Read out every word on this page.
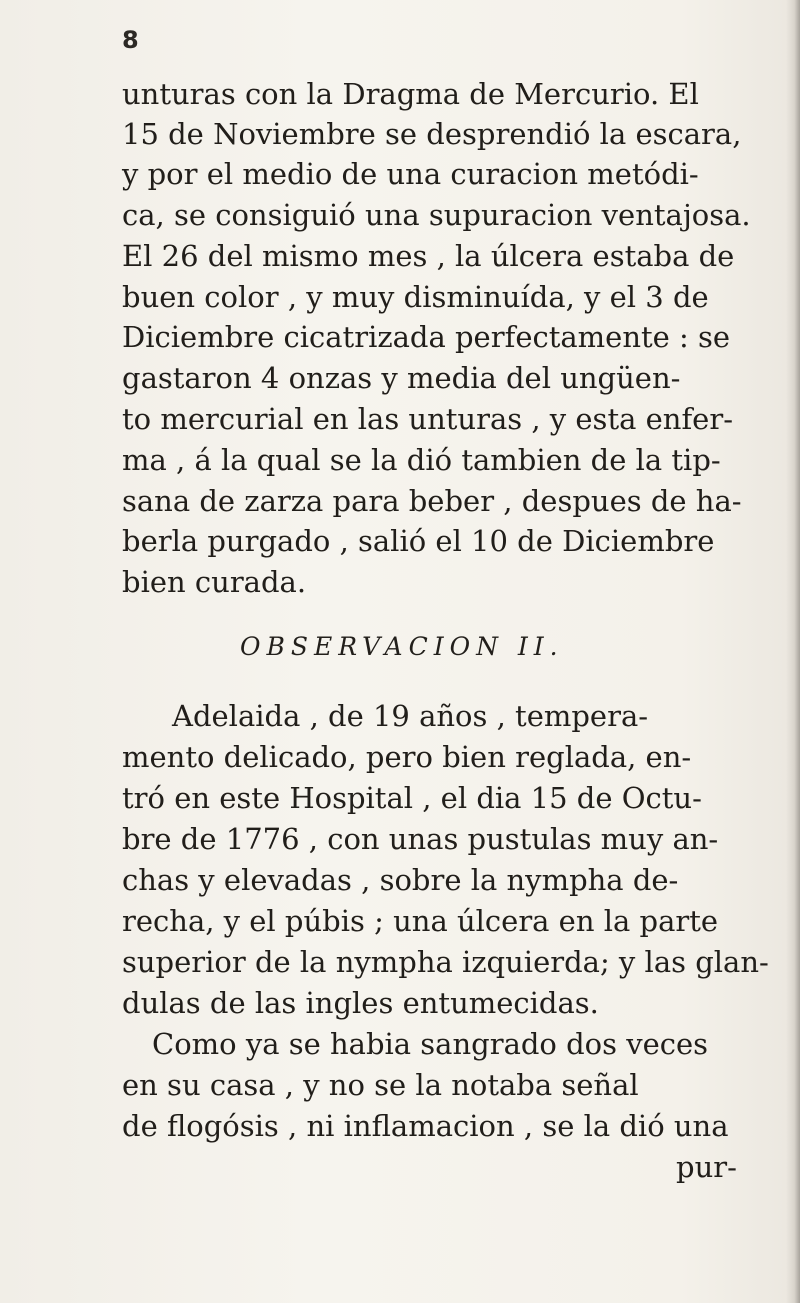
8

unturas con la Dragma de Mercurio. El

15 de Noviembre se desprendió la escara,

y por el medio de una curacion metódi-

ca, se consiguió una supuracion ventajosa.

El 26 del mismo mes , la úlcera estaba de

buen color , y muy disminuída, y el 3 de

Diciembre cicatrizada perfectamente : se

gastaron 4 onzas y media del ungüen-

to mercurial en las unturas , y esta enfer-

ma , á la qual se la dió tambien de la tip-

sana de zarza para beber , despues de ha-

berla purgado , salió el 10 de Diciembre

bien curada.

OBSERVACION II.

Adelaida , de 19 años , tempera-

mento delicado, pero bien reglada, en-

tró en este Hospital , el dia 15 de Octu-

bre de 1776 , con unas pustulas muy an-

chas y elevadas , sobre la nympha de-

recha, y el púbis ; una úlcera en la parte

superior de la nympha izquierda; y las glan-

dulas de las ingles entumecidas.

Como ya se habia sangrado dos veces

en su casa , y no se la notaba señal

de flogósis , ni inflamacion , se la dió una

pur-
